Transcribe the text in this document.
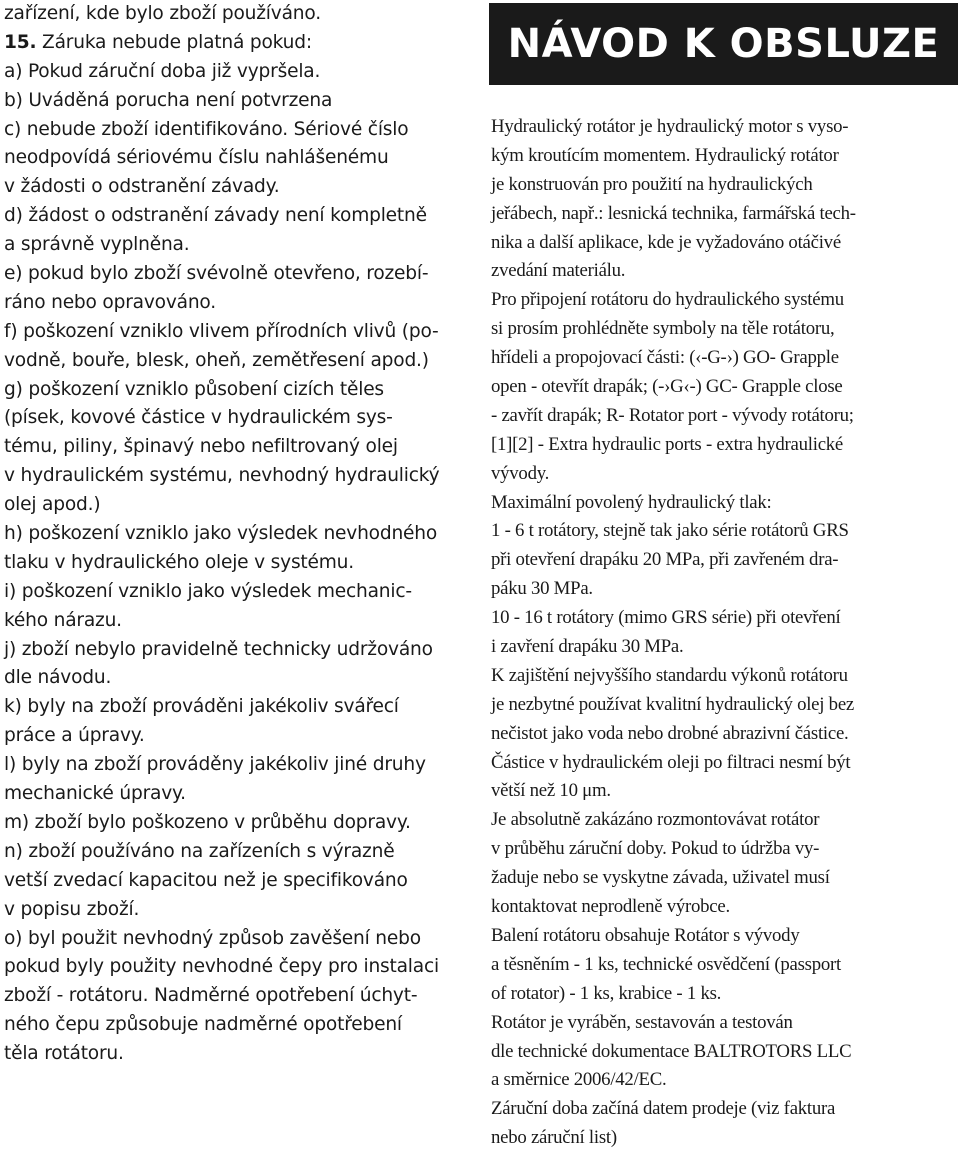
zařízení, kde bylo zboží používáno.
15. Záruka nebude platná pokud:
a) Pokud záruční doba již vypršela.
b) Uváděná porucha není potvrzena
c) nebude zboží identifikováno. Sériové číslo
neodpovídá sériovému číslu nahlášenému
v žádosti o odstranění závady.
d) žádost o odstranění závady není kompletně
a správně vyplněna.
e) pokud bylo zboží svévolně otevřeno, rozebí-
ráno nebo opravováno.
f) poškození vzniklo vlivem přírodních vlivů (po-
vodně, bouře, blesk, oheň, zemětřesení apod.)
g) poškození vzniklo působení cizích těles
(písek, kovové částice v hydraulickém sys-
tému, piliny, špinavý nebo nefiltrovaný olej
v hydraulickém systému, nevhodný hydraulický
olej apod.)
h) poškození vzniklo jako výsledek nevhodného
tlaku v hydraulického oleje v systému.
i) poškození vzniklo jako výsledek mechanic-
kého nárazu.
j) zboží nebylo pravidelně technicky udržováno
dle návodu.
k) byly na zboží prováděni jakékoliv svářecí
práce a úpravy.
l) byly na zboží prováděny jakékoliv jiné druhy
mechanické úpravy.
m) zboží bylo poškozeno v průběhu dopravy.
n) zboží používáno na zařízeních s výrazně
vetší zvedací kapacitou než je specifikováno
v popisu zboží.
o) byl použit nevhodný způsob zavěšení nebo
pokud byly použity nevhodné čepy pro instalaci
zboží - rotátoru. Nadměrné opotřebení úchyt-
ného čepu způsobuje nadměrné opotřebení
těla rotátoru.
NÁVOD K OBSLUZE
Hydraulický rotátor je hydraulický motor s vyso-
kým kroutícím momentem. Hydraulický rotátor
je konstruován pro použití na hydraulických
jeřábech, např.: lesnická technika, farmářská tech-
nika a další aplikace, kde je vyžadováno otáčivé
zvedání materiálu.
Pro připojení rotátoru do hydraulického systému
si prosím prohlédněte symboly na těle rotátoru,
hřídeli a propojovací části: (‹-G-›) GO- Grapple
open - otevřít drapák; (-›G‹-) GC- Grapple close
- zavřít drapák; R- Rotator port - vývody rotátoru;
[1][2] - Extra hydraulic ports - extra hydraulické
vývody.
Maximální povolený hydraulický tlak:
1 - 6 t rotátory, stejně tak jako série rotátorů GRS
při otevření drapáku 20 MPa, při zavřeném dra-
páku 30 MPa.
10 - 16 t rotátory (mimo GRS série) při otevření
i zavření drapáku 30 MPa.
K zajištění nejvyššího standardu výkonů rotátoru
je nezbytné používat kvalitní hydraulický olej bez
nečistot jako voda nebo drobné abrazivní částice.
Částice v hydraulickém oleji po filtraci nesmí být
větší než 10 μm.
Je absolutně zakázáno rozmontovávat rotátor
v průběhu záruční doby. Pokud to údržba vy-
žaduje nebo se vyskytne závada, uživatel musí
kontaktovat neprodleně výrobce.
Balení rotátoru obsahuje Rotátor s vývody
a těsněním - 1 ks, technické osvědčení (passport
of rotator) - 1 ks, krabice - 1 ks.
Rotátor je vyráběn, sestavován a testován
dle technické dokumentace BALTROTORS LLC
a směrnice 2006/42/EC.
Záruční doba začíná datem prodeje (viz faktura
nebo záruční list)
